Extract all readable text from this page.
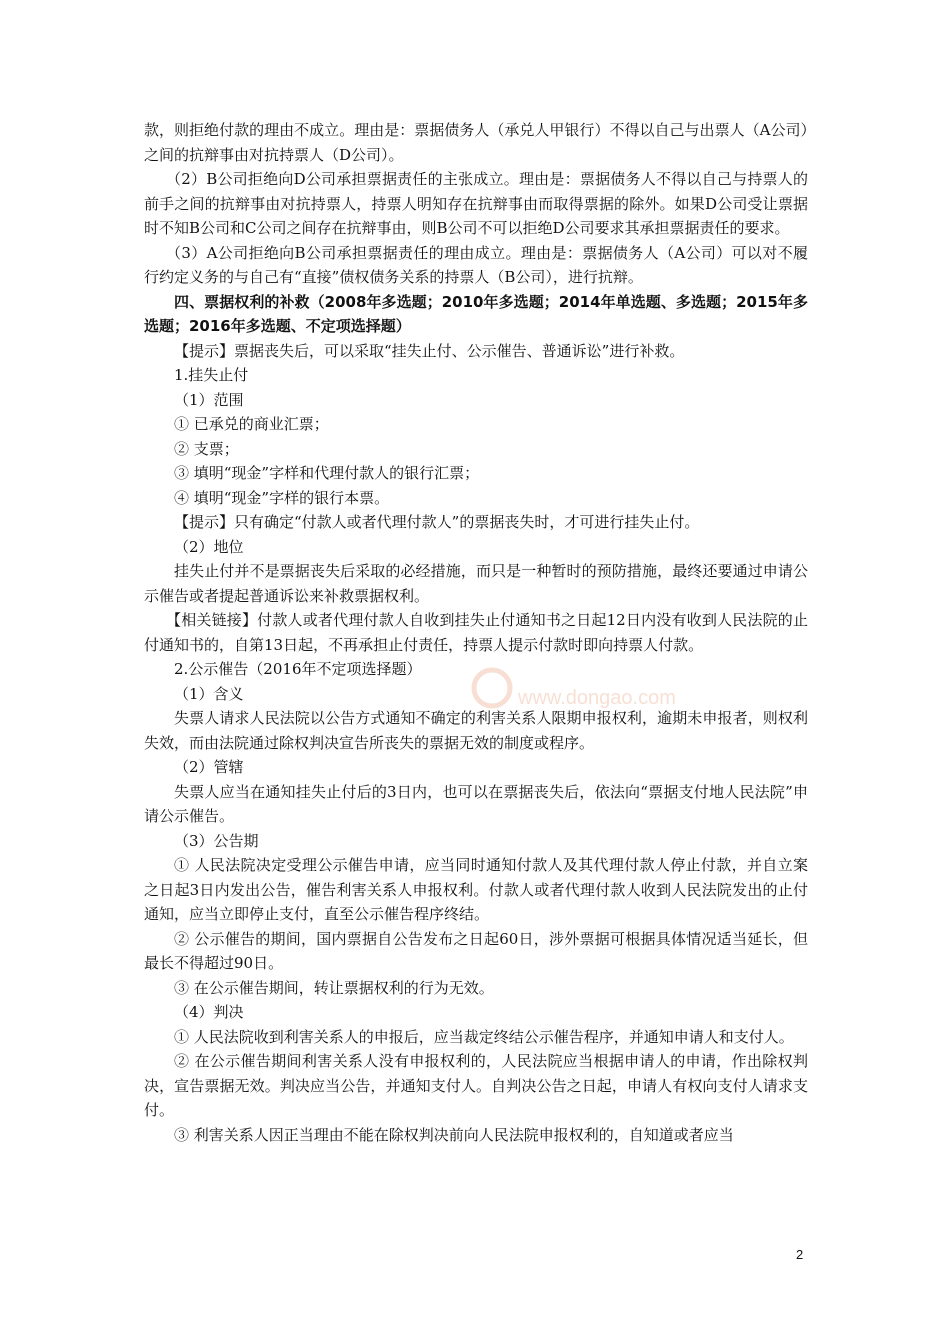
款，则拒绝付款的理由不成立。理由是：票据债务人（承兑人甲银行）不得以自己与出票人（A公司）之间的抗辩事由对抗持票人（D公司）。

（2）B公司拒绝向D公司承担票据责任的主张成立。理由是：票据债务人不得以自己与持票人的前手之间的抗辩事由对抗持票人，持票人明知存在抗辩事由而取得票据的除外。如果D公司受让票据时不知B公司和C公司之间存在抗辩事由，则B公司不可以拒绝D公司要求其承担票据责任的要求。

（3）A公司拒绝向B公司承担票据责任的理由成立。理由是：票据债务人（A公司）可以对不履行约定义务的与自己有“直接”债权债务关系的持票人（B公司），进行抗辩。

四、票据权利的补救（2008年多选题；2010年多选题；2014年单选题、多选题；2015年多选题；2016年多选题、不定项选择题）

【提示】票据丧失后，可以采取“挂失止付、公示催告、普通诉讼”进行补救。

1.挂失止付

（1）范围

① 已承兑的商业汇票；

② 支票；

③ 填明“现金”字样和代理付款人的银行汇票；

④ 填明“现金”字样的银行本票。

【提示】只有确定“付款人或者代理付款人”的票据丧失时，才可进行挂失止付。

（2）地位

挂失止付并不是票据丧失后采取的必经措施，而只是一种暂时的预防措施，最终还要通过申请公示催告或者提起普通诉讼来补救票据权利。

【相关链接】付款人或者代理付款人自收到挂失止付通知书之日起12日内没有收到人民法院的止付通知书的，自第13日起，不再承担止付责任，持票人提示付款时即向持票人付款。

2.公示催告（2016年不定项选择题）

（1）含义

失票人请求人民法院以公告方式通知不确定的利害关系人限期申报权利，逾期未申报者，则权利失效，而由法院通过除权判决宣告所丧失的票据无效的制度或程序。

（2）管辖

失票人应当在通知挂失止付后的3日内，也可以在票据丧失后，依法向“票据支付地人民法院”申请公示催告。

（3）公告期

① 人民法院决定受理公示催告申请，应当同时通知付款人及其代理付款人停止付款，并自立案之日起3日内发出公告，催告利害关系人申报权利。付款人或者代理付款人收到人民法院发出的止付通知，应当立即停止支付，直至公示催告程序终结。

② 公示催告的期间，国内票据自公告发布之日起60日，涉外票据可根据具体情况适当延长，但最长不得超过90日。

③ 在公示催告期间，转让票据权利的行为无效。

（4）判决

① 人民法院收到利害关系人的申报后，应当裁定终结公示催告程序，并通知申请人和支付人。

② 在公示催告期间利害关系人没有申报权利的，人民法院应当根据申请人的申请，作出除权判决，宣告票据无效。判决应当公告，并通知支付人。自判决公告之日起，申请人有权向支付人请求支付。

③ 利害关系人因正当理由不能在除权判决前向人民法院申报权利的，自知道或者应当

www.dongao.com
2
